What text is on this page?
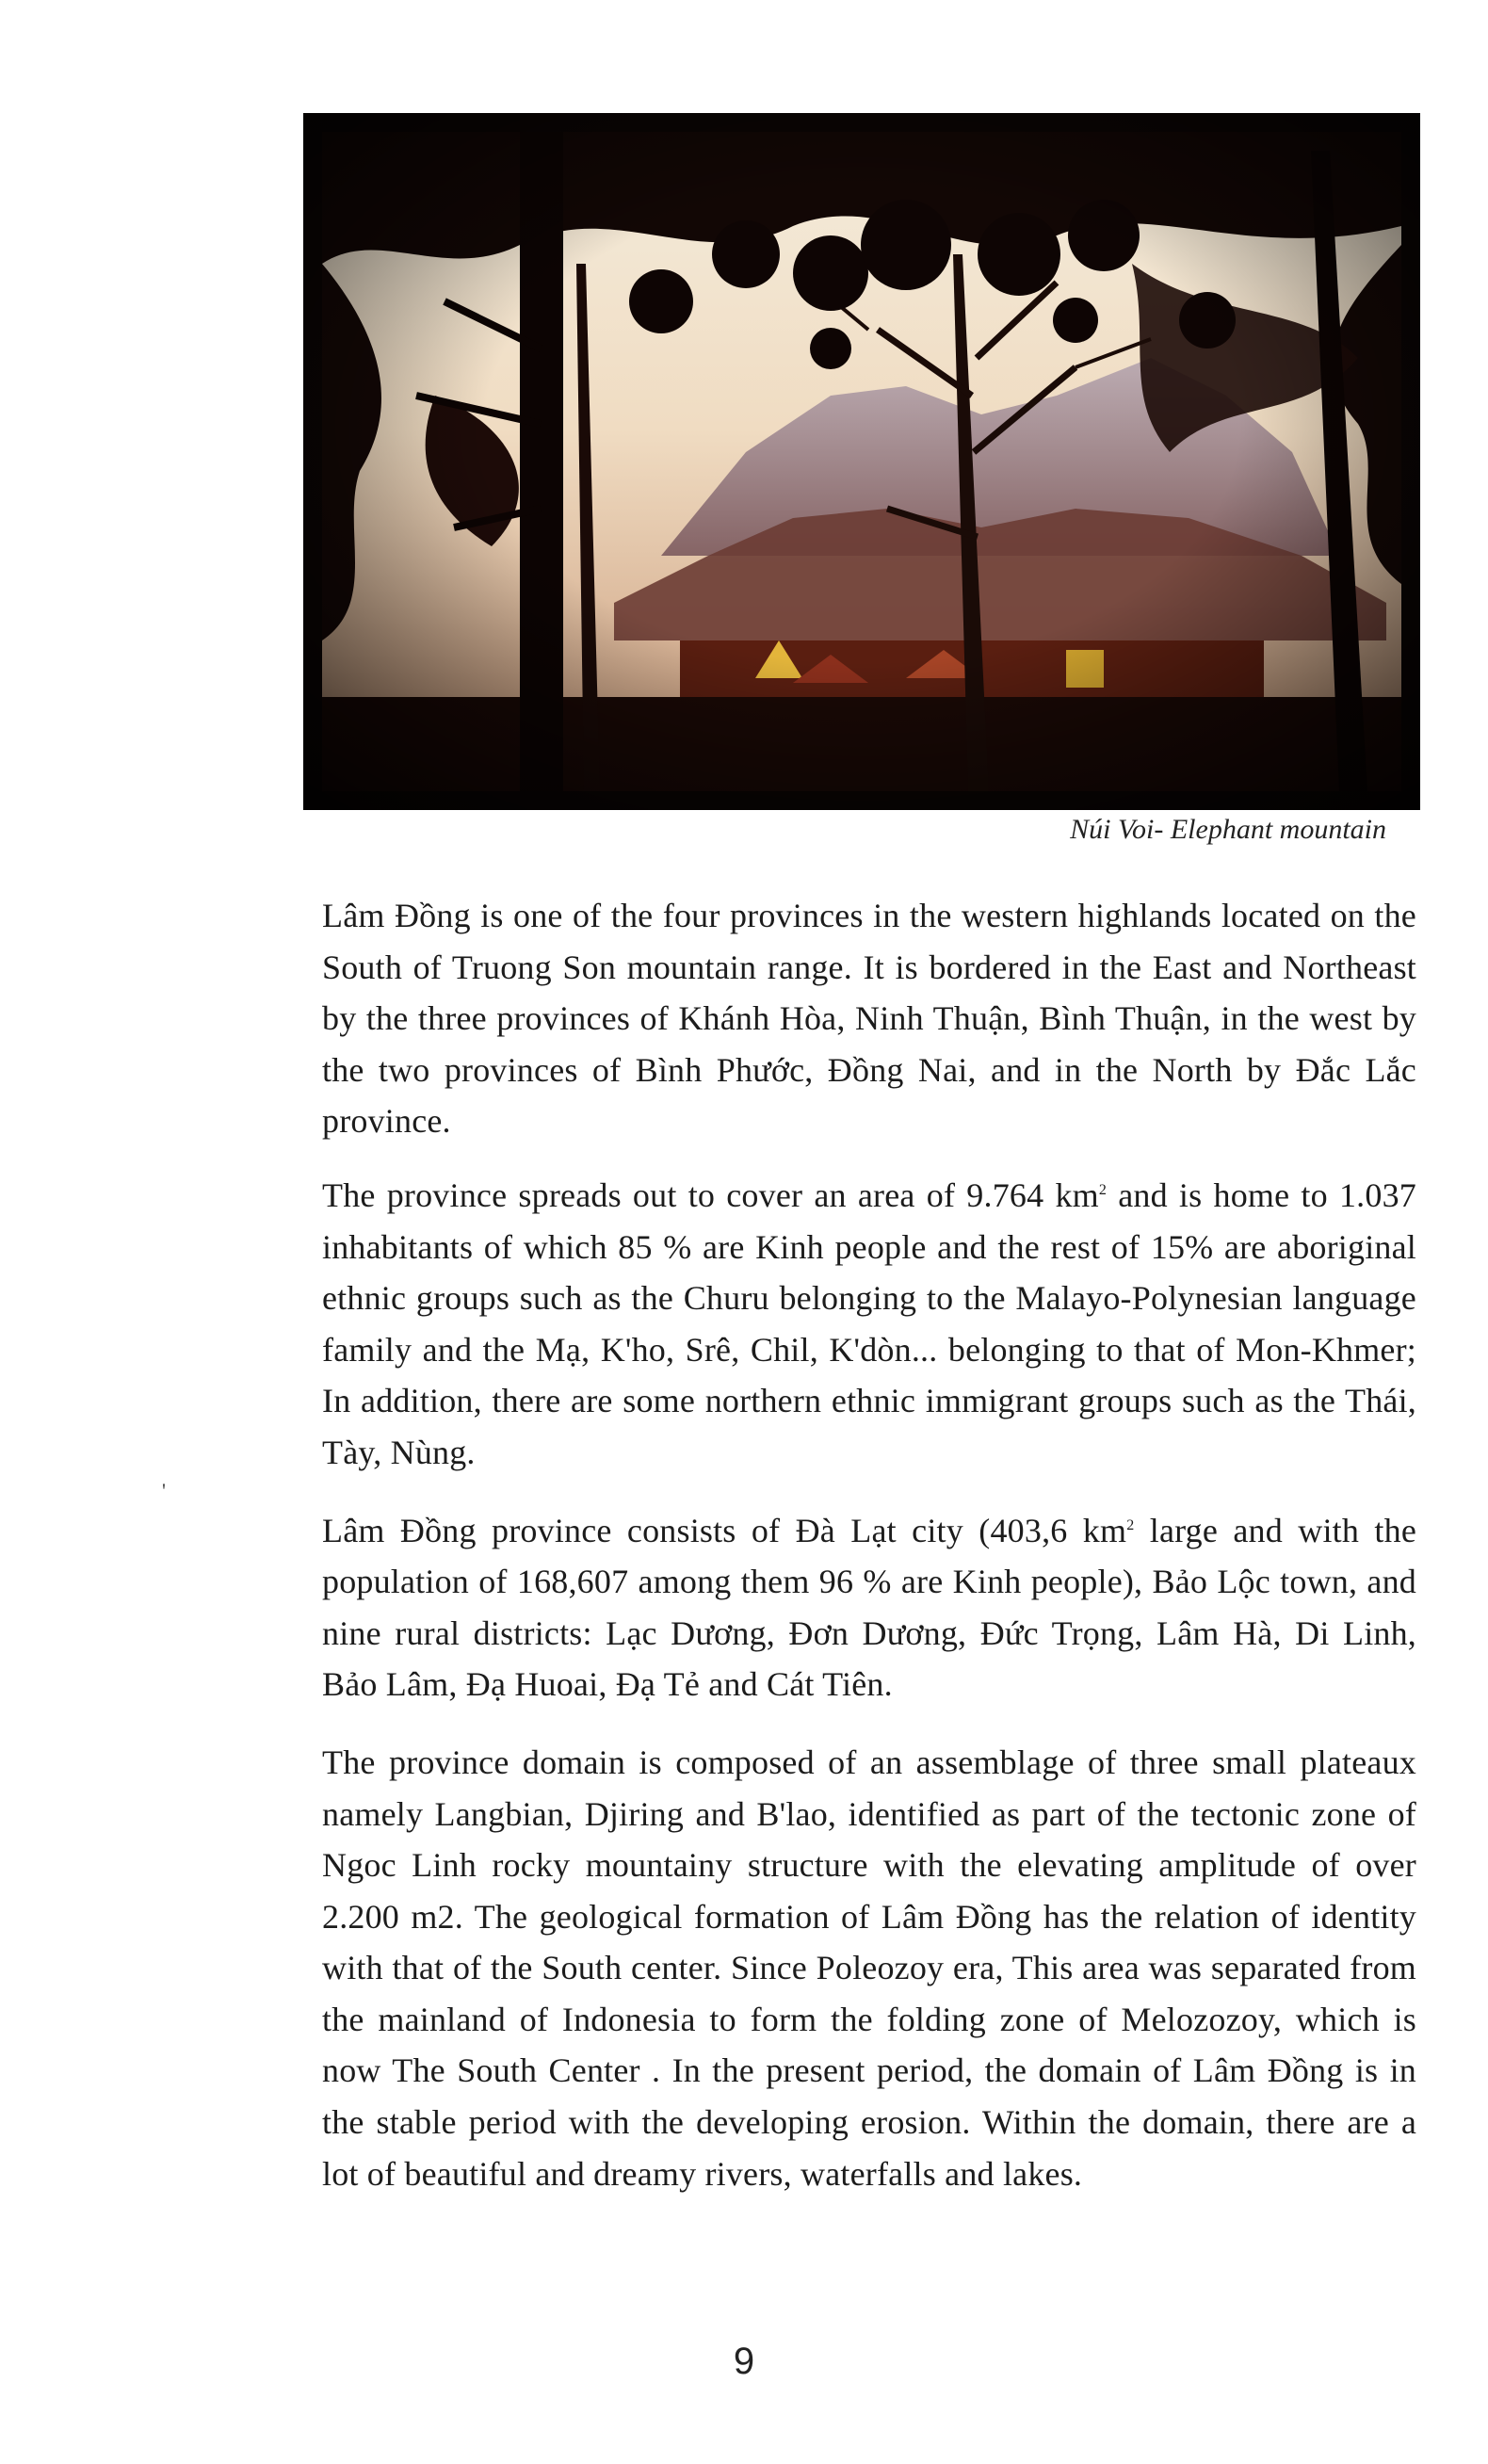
Núi Voi- Elephant mountain

Lâm Đồng is one of the four provinces in the western highlands located on the South of Truong Son mountain range. It is bordered in the East and Northeast by the three provinces of Khánh Hòa, Ninh Thuận, Bình Thuận, in the west by the two provinces of Bình Phước, Đồng Nai, and in the North by Đắc Lắc province.

The province spreads out to cover an area of 9.764 $km^2$ and is home to 1.037 inhabitants of which 85 % are Kinh people and the rest of 15% are aboriginal ethnic groups such as the Churu belonging to the Malayo-Polynesian language family and the Mạ, K'ho, Srê, Chil, K'dòn... belonging to that of Mon-Khmer; In addition, there are some northern ethnic immigrant groups such as the Thái, Tày, Nùng.

Lâm Đồng province consists of Đà Lạt city (403,6 $km^2$ large and with the population of 168,607 among them 96 % are Kinh people), Bảo Lộc town, and nine rural districts: Lạc Dương, Đơn Dương, Đức Trọng, Lâm Hà, Di Linh, Bảo Lâm, Đạ Huoai, Đạ Tẻ and Cát Tiên.

The province domain is composed of an assemblage of three small plateaux namely Langbian, Djiring and B'lao, identified as part of the tectonic zone of Ngoc Linh rocky mountainy structure with the elevating amplitude of over 2.200 m2. The geological formation of Lâm Đồng has the relation of identity with that of the South center. Since Poleozoy era, This area was separated from the mainland of Indonesia to form the folding zone of Melozozoy, which is now The South Center . In the present period, the domain of Lâm Đồng is in the stable period with the developing erosion. Within the domain, there are a lot of beautiful and dreamy rivers, waterfalls and lakes.

'
9
